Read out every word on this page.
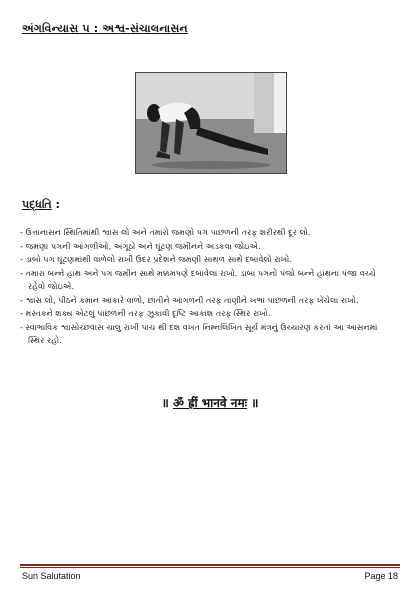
અંગવિન્યાસ ૫ : અશ્વ-સંચાલનાસન
પદ્ધતિ :
- ઉત્તાનાસન સ્થિતિમાંથી શ્વાસ લો અને તમારો જમણો પગ પાછળની તરફ શરીરથી દૂર લો.
- જમણા પગની આંગળીઓ, અંગૂઠો અને ઘૂંટણ જમીનને અડકવા જોઇએ.
- ડાબો પગ ઘૂંટણમાંથી વાળેલો રાખી ઉદર પ્રદેશને જમણી સાથળ સાથે દબાવેલો રાખો.
- તમારા બન્ને હાથ અને પગ જમીન સાથે મક્કમપણે દબાવેલા રાખો. ડાબા પગનો પંજો બન્ને હાથના પંજા વચ્ચે રહેવો જોઇએ.
- શ્વાસ લો, પીઠને કમાન આકારે વાળો, છાતીને આગળની તરફ તાણીને ખભા પાછળની તરફ ખેંચેલા રાખો.
- મસ્તકને શક્ય એટલું પાછળની તરફ ઝુકાવી દૃષ્ટિ આકાશ તરફ સ્થિર રાખો.
- સ્વાભાવિક શ્વાસોચ્છવાસ ચાલુ રાખી પાંચ થી દશ વખત નિમ્નલિખિત સૂર્ય મંત્રનું ઉચ્ચારણ કરતાં આ આસનમાં સ્થિર રહો.
॥ ॐ ह्रीं भानवे नमः ॥
Sun Salutation	Page 18
